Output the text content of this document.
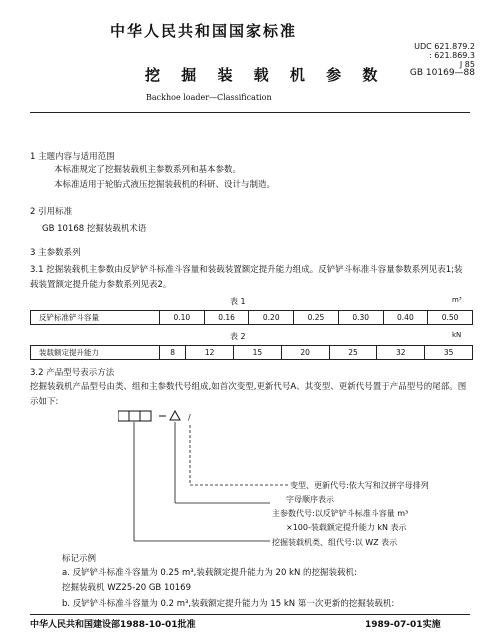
中华人民共和国国家标准
UDC 621.879.2
: 621.869.3
J 85
GB 10169—88
挖 掘 装 载 机 参 数
Backhoe loader—Classification
1 主题内容与适用范围
本标准规定了挖掘装载机主参数系列和基本参数。
本标准适用于轮胎式液压挖掘装载机的科研、设计与制造。
2 引用标准
GB 10168 挖掘装载机术语
3 主参数系列
3.1 挖掘装载机主参数由反铲铲斗标准斗容量和装载装置额定提升能力组成。反铲铲斗标准斗容量参数系列见表1;装载装置额定提升能力参数系列见表2。
表 1	m³
反铲标准铲斗容量	0.10	0.16	0.20	0.25	0.30	0.40	0.50
表 2	kN
装载额定提升能力	8	12	15	20	25	32	35
3.2 产品型号表示方法
挖掘装载机产品型号由类、组和主参数代号组成,如首次变型,更新代号A、其变型、更新代号置于产品型号的尾部。图示如下:
/
变型、更新代号:依大写和汉拼字母排列
字母顺序表示
主参数代号:以反铲铲斗标准斗容量 m³
×100-装载额定提升能力 kN 表示
挖掘装载机类、组代号:以 WZ 表示
标记示例
a. 反铲铲斗标准斗容量为 0.25 m³,装载额定提升能力为 20 kN 的挖掘装载机:
挖掘装载机 WZ25-20 GB 10169
b. 反铲铲斗标准斗容量为 0.2 m³,装载额定提升能力为 15 kN 第一次更新的挖掘装载机:
中华人民共和国建设部1988-10-01批准	1989-07-01实施
